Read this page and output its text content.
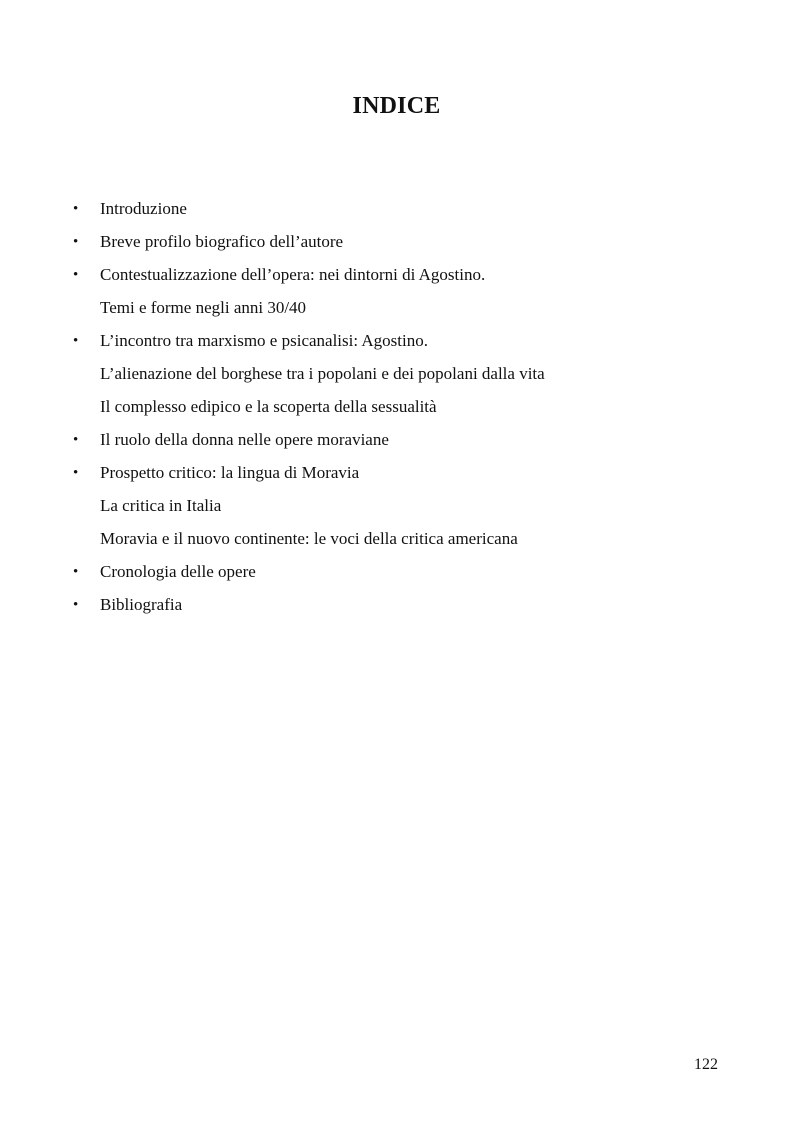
INDICE
• Introduzione
• Breve profilo biografico dell’autore
• Contestualizzazione dell’opera: nei dintorni di Agostino.
Temi e forme negli anni 30/40
• L’incontro tra marxismo e psicanalisi: Agostino.
L’alienazione del borghese tra i popolani e dei popolani dalla vita
Il complesso edipico e la scoperta della sessualità
• Il ruolo della donna nelle opere moraviane
• Prospetto critico: la lingua di Moravia
La critica in Italia
Moravia e il nuovo continente: le voci della critica americana
• Cronologia delle opere
• Bibliografia
122
